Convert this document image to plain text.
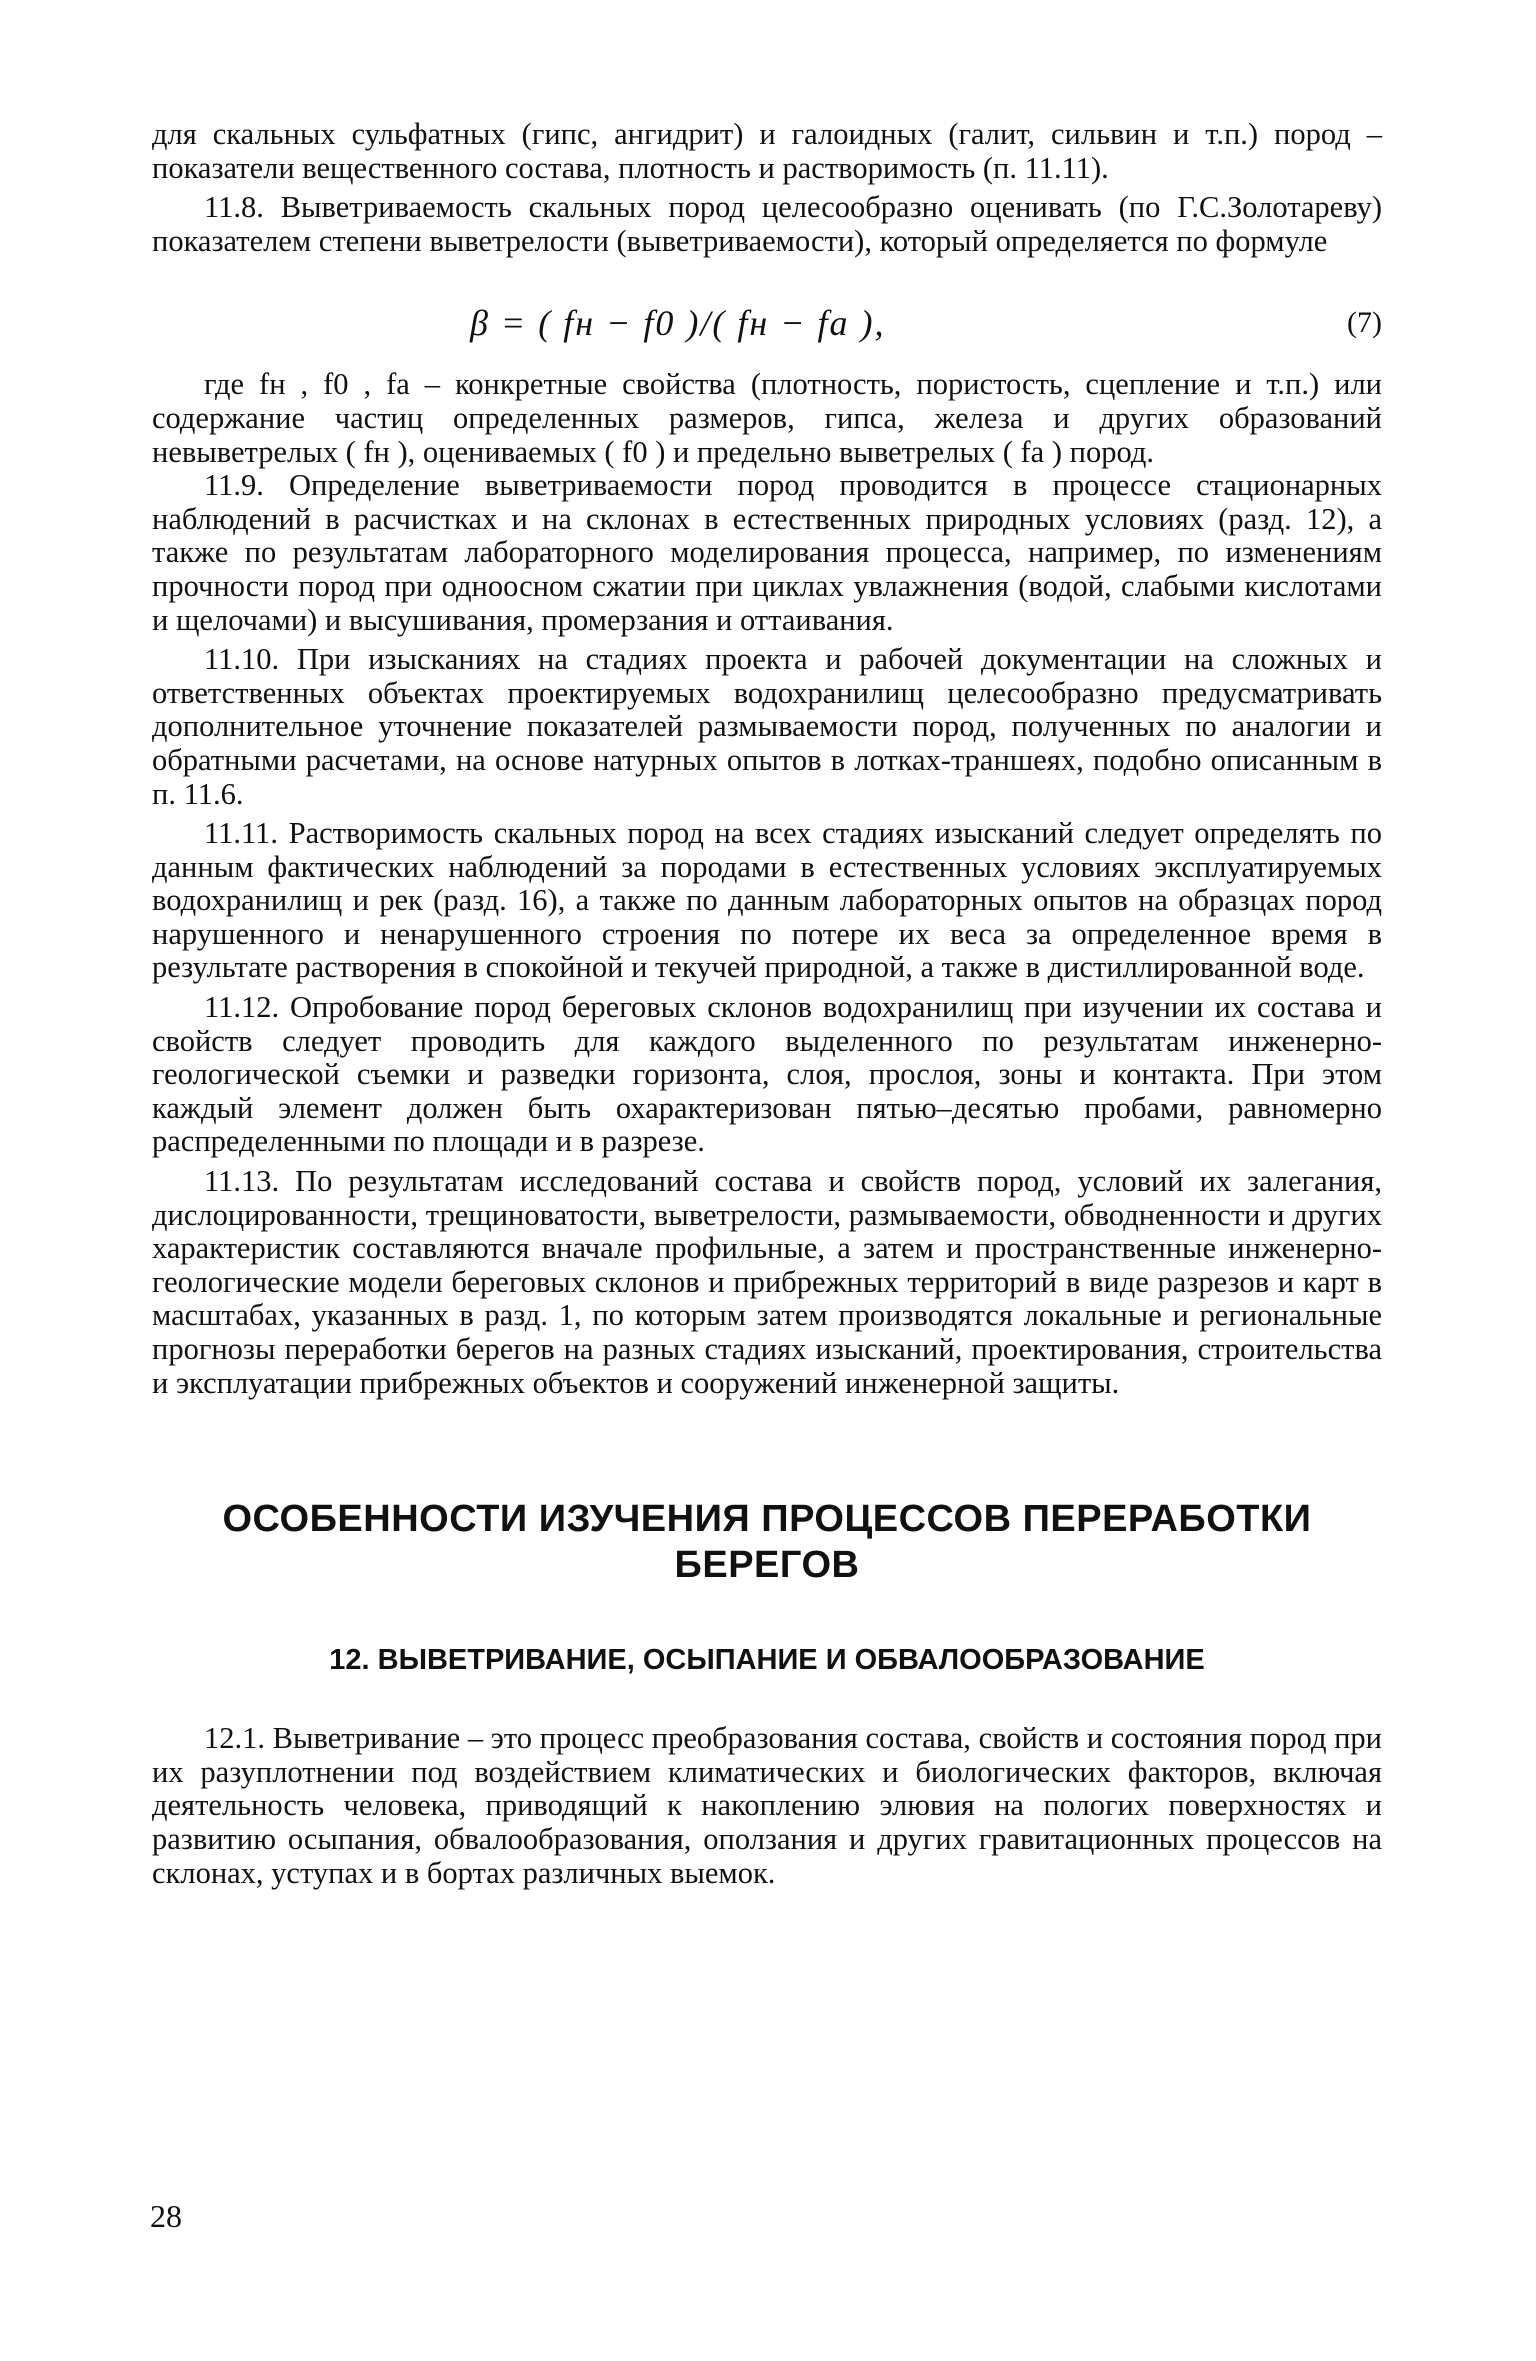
для скальных сульфатных (гипс, ангидрит) и галоидных (галит, сильвин и т.п.) пород – показатели вещественного состава, плотность и растворимость (п. 11.11).

11.8. Выветриваемость скальных пород целесообразно оценивать (по Г.С.Золотареву) показателем степени выветрелости (выветриваемости), который определяется по формуле

β = ( fн − f0 )/( fн − fa ),	(7)

где fн , f0 , fa – конкретные свойства (плотность, пористость, сцепление и т.п.) или содержание частиц определенных размеров, гипса, железа и других образований невыветрелых ( fн ), оцениваемых ( f0 ) и предельно выветрелых ( fa ) пород.

11.9. Определение выветриваемости пород проводится в процессе стационарных наблюдений в расчистках и на склонах в естественных природных условиях (разд. 12), а также по результатам лабораторного моделирования процесса, например, по изменениям прочности пород при одноосном сжатии при циклах увлажнения (водой, слабыми кислотами и щелочами) и высушивания, промерзания и оттаивания.

11.10. При изысканиях на стадиях проекта и рабочей документации на сложных и ответственных объектах проектируемых водохранилищ целесообразно предусматривать дополнительное уточнение показателей размываемости пород, полученных по аналогии и обратными расчетами, на основе натурных опытов в лотках-траншеях, подобно описанным в п. 11.6.

11.11. Растворимость скальных пород на всех стадиях изысканий следует определять по данным фактических наблюдений за породами в естественных условиях эксплуатируемых водохранилищ и рек (разд. 16), а также по данным лабораторных опытов на образцах пород нарушенного и ненарушенного строения по потере их веса за определенное время в результате растворения в спокойной и текучей природной, а также в дистиллированной воде.

11.12. Опробование пород береговых склонов водохранилищ при изучении их состава и свойств следует проводить для каждого выделенного по результатам инженерно-геологической съемки и разведки горизонта, слоя, прослоя, зоны и контакта. При этом каждый элемент должен быть охарактеризован пятью–десятью пробами, равномерно распределенными по площади и в разрезе.

11.13. По результатам исследований состава и свойств пород, условий их залегания, дислоцированности, трещиноватости, выветрелости, размываемости, обводненности и других характеристик составляются вначале профильные, а затем и пространственные инженерно-геологические модели береговых склонов и прибрежных территорий в виде разрезов и карт в масштабах, указанных в разд. 1, по которым затем производятся локальные и региональные прогнозы переработки берегов на разных стадиях изысканий, проектирования, строительства и эксплуатации прибрежных объектов и сооружений инженерной защиты.

ОСОБЕННОСТИ ИЗУЧЕНИЯ ПРОЦЕССОВ ПЕРЕРАБОТКИ БЕРЕГОВ
12. ВЫВЕТРИВАНИЕ, ОСЫПАНИЕ И ОБВАЛООБРАЗОВАНИЕ

12.1. Выветривание – это процесс преобразования состава, свойств и состояния пород при их разуплотнении под воздействием климатических и биологических факторов, включая деятельность человека, приводящий к накоплению элювия на пологих поверхностях и развитию осыпания, обвалообразования, оползания и других гравитационных процессов на склонах, уступах и в бортах различных выемок.

28
